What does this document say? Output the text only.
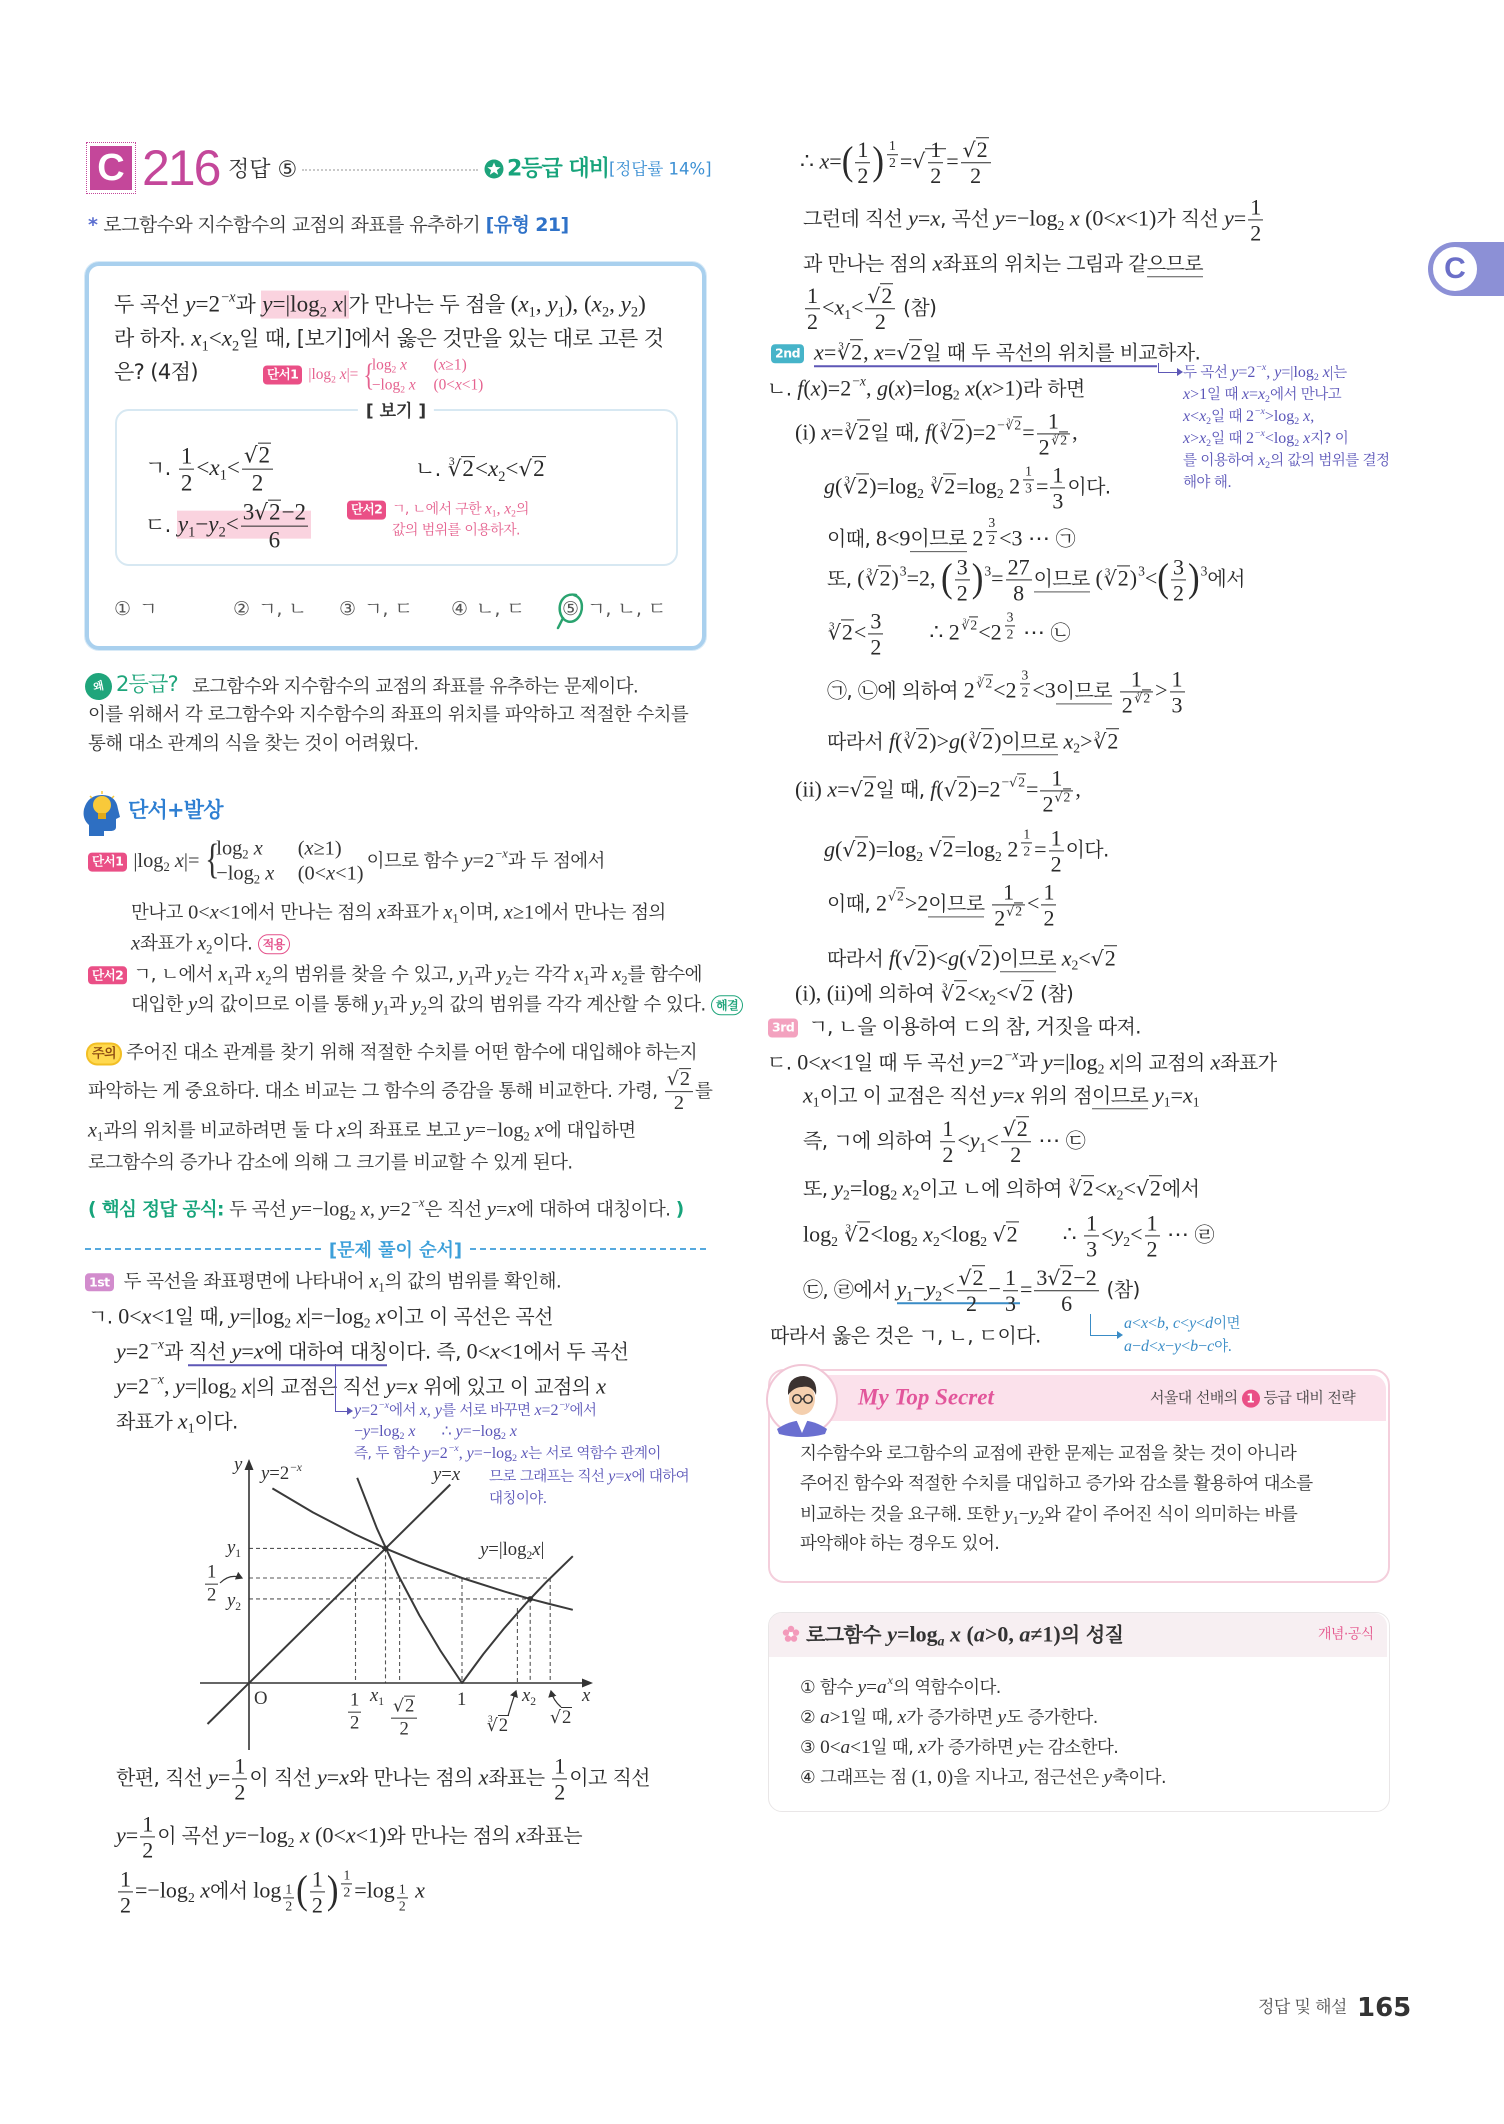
C 216 정답 ⑤	2등급 대비 [정답률 14%]
* 로그함수와 지수함수의 교점의 좌표를 유추하기 [유형 21]
두 곡선 $y=2^{-x}$과 $y=|\log_2$ x|가 만나는 두 점을 ($x_1$, $y_1$), ($x_2$, $y_2$)
라 하자. $x_1<x_2$일 때, [보기]에서 옳은 것만을 있는 대로 고른 것
은? (4점)	단서1 $|\log_2$ x|=
{ $\log_2 x$ (x≥1)
$-\log_2$ x (0<x<1)
[ 보기 ]
ㄱ. $\frac{1}{2} <x_1<$ √ $\frac{2}{2}$	ㄴ. $^3$ √ $2<x_2<$ √ 2
ㄷ. $y_1-y_2< \frac{3 √ 2-2}{6}$	단서2 ㄱ, ㄴ에서 구한 $x_1$, $x_2$의
값의 범위를 이용하자.
① ㄱ	② ㄱ, ㄴ ③ ㄱ, ㄷ ④ ㄴ, ㄷ ⑤ ㄱ, ㄴ, ㄷ
왜 2등급? 로그함수와 지수함수의 교점의 좌표를 유추하는 문제이다.
이를 위해서 각 로그함수와 지수함수의 좌표의 위치를 파악하고 적절한 수치를
통해 대소 관계의 식을 찾는 것이 어려웠다.
단서+발상
단서1 $|\log_2$ x|=
{ $\log_2 x$ (x≥1)
$-\log_2$ x (0<x<1)
이므로 함수 $y=2^{-x}$과 두 점에서
만나고 0<x<1에서 만나는 점의 x좌표가 $x_1$이며, x≥1에서 만나는 점의
x좌표가 $x_2$이다. 적용
단서2 ㄱ, ㄴ에서 $x_1$과 $x_2$의 범위를 찾을 수 있고, $y_1$과 $y_2$는 각각 $x_1$과 $x_2$를 함수에
대입한 y의 값이므로 이를 통해 $y_1$과 $y_2$의 값의 범위를 각각 계산할 수 있다. 해결
주의 주어진 대소 관계를 찾기 위해 적절한 수치를 어떤 함수에 대입해야 하는지
파악하는 게 중요하다. 대소 비교는 그 함수의 증감을 통해 비교한다. 가령, √ $\frac{2}{2}$ 를
$x_1$과의 위치를 비교하려면 둘 다 x의 좌표로 보고 $y=-\log_2$ x에 대입하면
로그함수의 증가나 감소에 의해 그 크기를 비교할 수 있게 된다.
( 핵심 정답 공식: 두 곡선 $y=-\log_2$ x, $y=2^{-x}$은 직선 y=x에 대하여 대칭이다. )
[문제 풀이 순서]
1st 두 곡선을 좌표평면에 나타내어 $x_1$의 값의 범위를 확인해.
ㄱ. 0<x<1일 때, $y=|\log_2$ $x|=-\log_2$ x이고 이 곡선은 곡선
$y=2^{-x}$과 직선 y=x에 대하여 대칭이다. 즉, 0<x<1에서 두 곡선
$y=2^{-x}$, $y=|\log_2$ x|의 교점은 직선 y=x 위에 있고 이 교점의 x
좌표가 $x_1$이다.	$y=2^{-x}$에서 x, y를 서로 바꾸면 $x=2^{-y}$에서
$-y=\log_2$ x ∴ $y=-\log_2$ x
즉, 두 함수 $y=2^{-x}$, $y=-\log_2$ x는 서로 역함수 관계이
므로 그래프는 직선 y=x에 대하여
대칭이야.
y
x
O
$y=2^{-x}$	y=x
$y=|\log_2x|$
$y_1$
$\frac{1}{2} y_2$
$\frac{1}{2} x_1$ √ $\frac{2}{2} 1$
$^3$ √ 2
$x_2$
√ 2
한편, 직선 $y= \frac{1}{2}$ 이 직선 y=x와 만나는 점의 x좌표는 $\frac{1}{2}$ 이고 직선
$y= \frac{1}{2}$ 이 곡선 $y=-\log_2$ x (0<x<1)와 만나는 점의 x좌표는
$\frac{1}{2} =-\log_2$ x에서 log $_{\frac{1}{2}}$ ( $\frac{1}{2}$
) $^{\frac{1}{2}}$ =log $_{\frac{1}{2}}$ x
∴ x= ( $\frac{1}{2}$
) $^{\frac{1}{2}}$ = √ $\frac{1}{2}$ = √ $\frac{2}{2}$
그런데 직선 y=x, 곡선 $y=-\log_2$ x (0<x<1)가 직선 $y= \frac{1}{2}$
과 만나는 점의 x좌표의 위치는 그림과 같으므로
$\frac{1}{2} <x_1<$ √ $\frac{2}{2}$ (참)
2nd x= $^3$ √ 2, x= √ 2일 때 두 곡선의 위치를 비교하자.
두 곡선 $y=2^{-x}$, $y=|\log_2$ x|는
x>1일 때 $x=x_2$에서 만나고
$x<x_2$일 때 $2^{-x}>\log_2$ x,
$x>x_2$일 때 $2^{-x}<\log_2$ x지? 이
를 이용하여 $x_2$의 값의 범위를 결정
해야 해.
ㄴ. $f(x)=2^{-x}$, $g(x)=\log_2$ x(x>1)라 하면
(i) x= $^3$ √ 2일 때, f( $^3$ √ $2)=2^{- ^3 √ 2}= \frac{1}{2 ^{^3 √ 2}}$ ,
g( $^3$ √ $2)=\log_2$ $^3$ √ $2=\log_2$ 2 $^{\frac{1}{3}} = \frac{1}{3}$ 이다.
이때, 8<9이므로 2 $^{\frac{3}{2}}$ <3 ⋯ ㉠
또, ( $^3$ √ 2)$^3$=2, ( $\frac{3}{2}$
) $^3= \frac{27}{8}$ 이므로 ( $^3$ √ 2)$^3$< ( $\frac{3}{2}$
) $^3$에서
$^3$ √ $2< \frac{3}{2}$ ∴ 2 $^{^3 √ 2}$<2 $^{\frac{3}{2}}$ ⋯ ㉡
㉠, ㉡에 의하여 2 $^{^3 √ 2}$<2 $^{\frac{3}{2}}$ <3이므로 $\frac{1}{2 ^{^3 √ 2}} > \frac{1}{3}$
따라서 f( $^3$ √ 2)>g( $^3$ √ 2)이므로 $x_2> ^3$ √ 2
(ii) x= √ 2일 때, f( √ $2)=2^{- √ 2}= \frac{1}{2 √ ^2}$ ,
g( √ $2)=\log_2$ √ $2=\log_2$ 2 $^{\frac{1}{2}} = \frac{1}{2}$ 이다.
이때, 2 √ $^2$>2이므로 $\frac{1}{2 √ ^2} < \frac{1}{2}$
따라서 f( √ 2)<g( √ 2)이므로 $x_2<$ √ 2
(i), (ii)에 의하여 $^3$ √ $2<x_2<$ √ 2 (참)
3rd ㄱ, ㄴ을 이용하여 ㄷ의 참, 거짓을 따져.
ㄷ. 0<x<1일 때 두 곡선 $y=2^{-x}$과 $y=|\log_2$ x|의 교점의 x좌표가
$x_1$이고 이 교점은 직선 y=x 위의 점이므로 $y_1=x_1$
즉, ㄱ에 의하여 $\frac{1}{2} <y_1<$ √ $\frac{2}{2}$ ⋯ ㉢
또, $y_2=\log_2$ $x_2$이고 ㄴ에 의하여 $^3$ √ $2<x_2<$ √ 2에서
$\log_2 ^3$ √ $2<\log_2$ $x_2<\log_2$ √ 2 ∴ $\frac{1}{3} <y_2< \frac{1}{2}$ ⋯ ㉣
㉢, ㉣에서 $y_1-y_2<$ √ $\frac{2}{2} - \frac{1}{3} = \frac{3 √ 2-2}{6}$ (참)
따라서 옳은 것은 ㄱ, ㄴ, ㄷ이다.	a<x<b, c<y<d이면
a−d<x−y<b−c야.
My Top Secret	서울대 선배의 1 등급 대비 전략
지수함수와 로그함수의 교점에 관한 문제는 교점을 찾는 것이 아니라
주어진 함수와 적절한 수치를 대입하고 증가와 감소를 활용하여 대소를
비교하는 것을 요구해. 또한 $y_1-y_2$와 같이 주어진 식이 의미하는 바를
파악해야 하는 경우도 있어.
로그함수 $y=\log_a$ x (a>0, a≠1)의 성질	개념·공식
① 함수 $y=a^x$의 역함수이다.
② a>1일 때, x가 증가하면 y도 증가한다.
③ 0<a<1일 때, x가 증가하면 y는 감소한다.
④ 그래프는 점 (1, 0)을 지나고, 점근선은 y축이다.
정답 및 해설 165
C
